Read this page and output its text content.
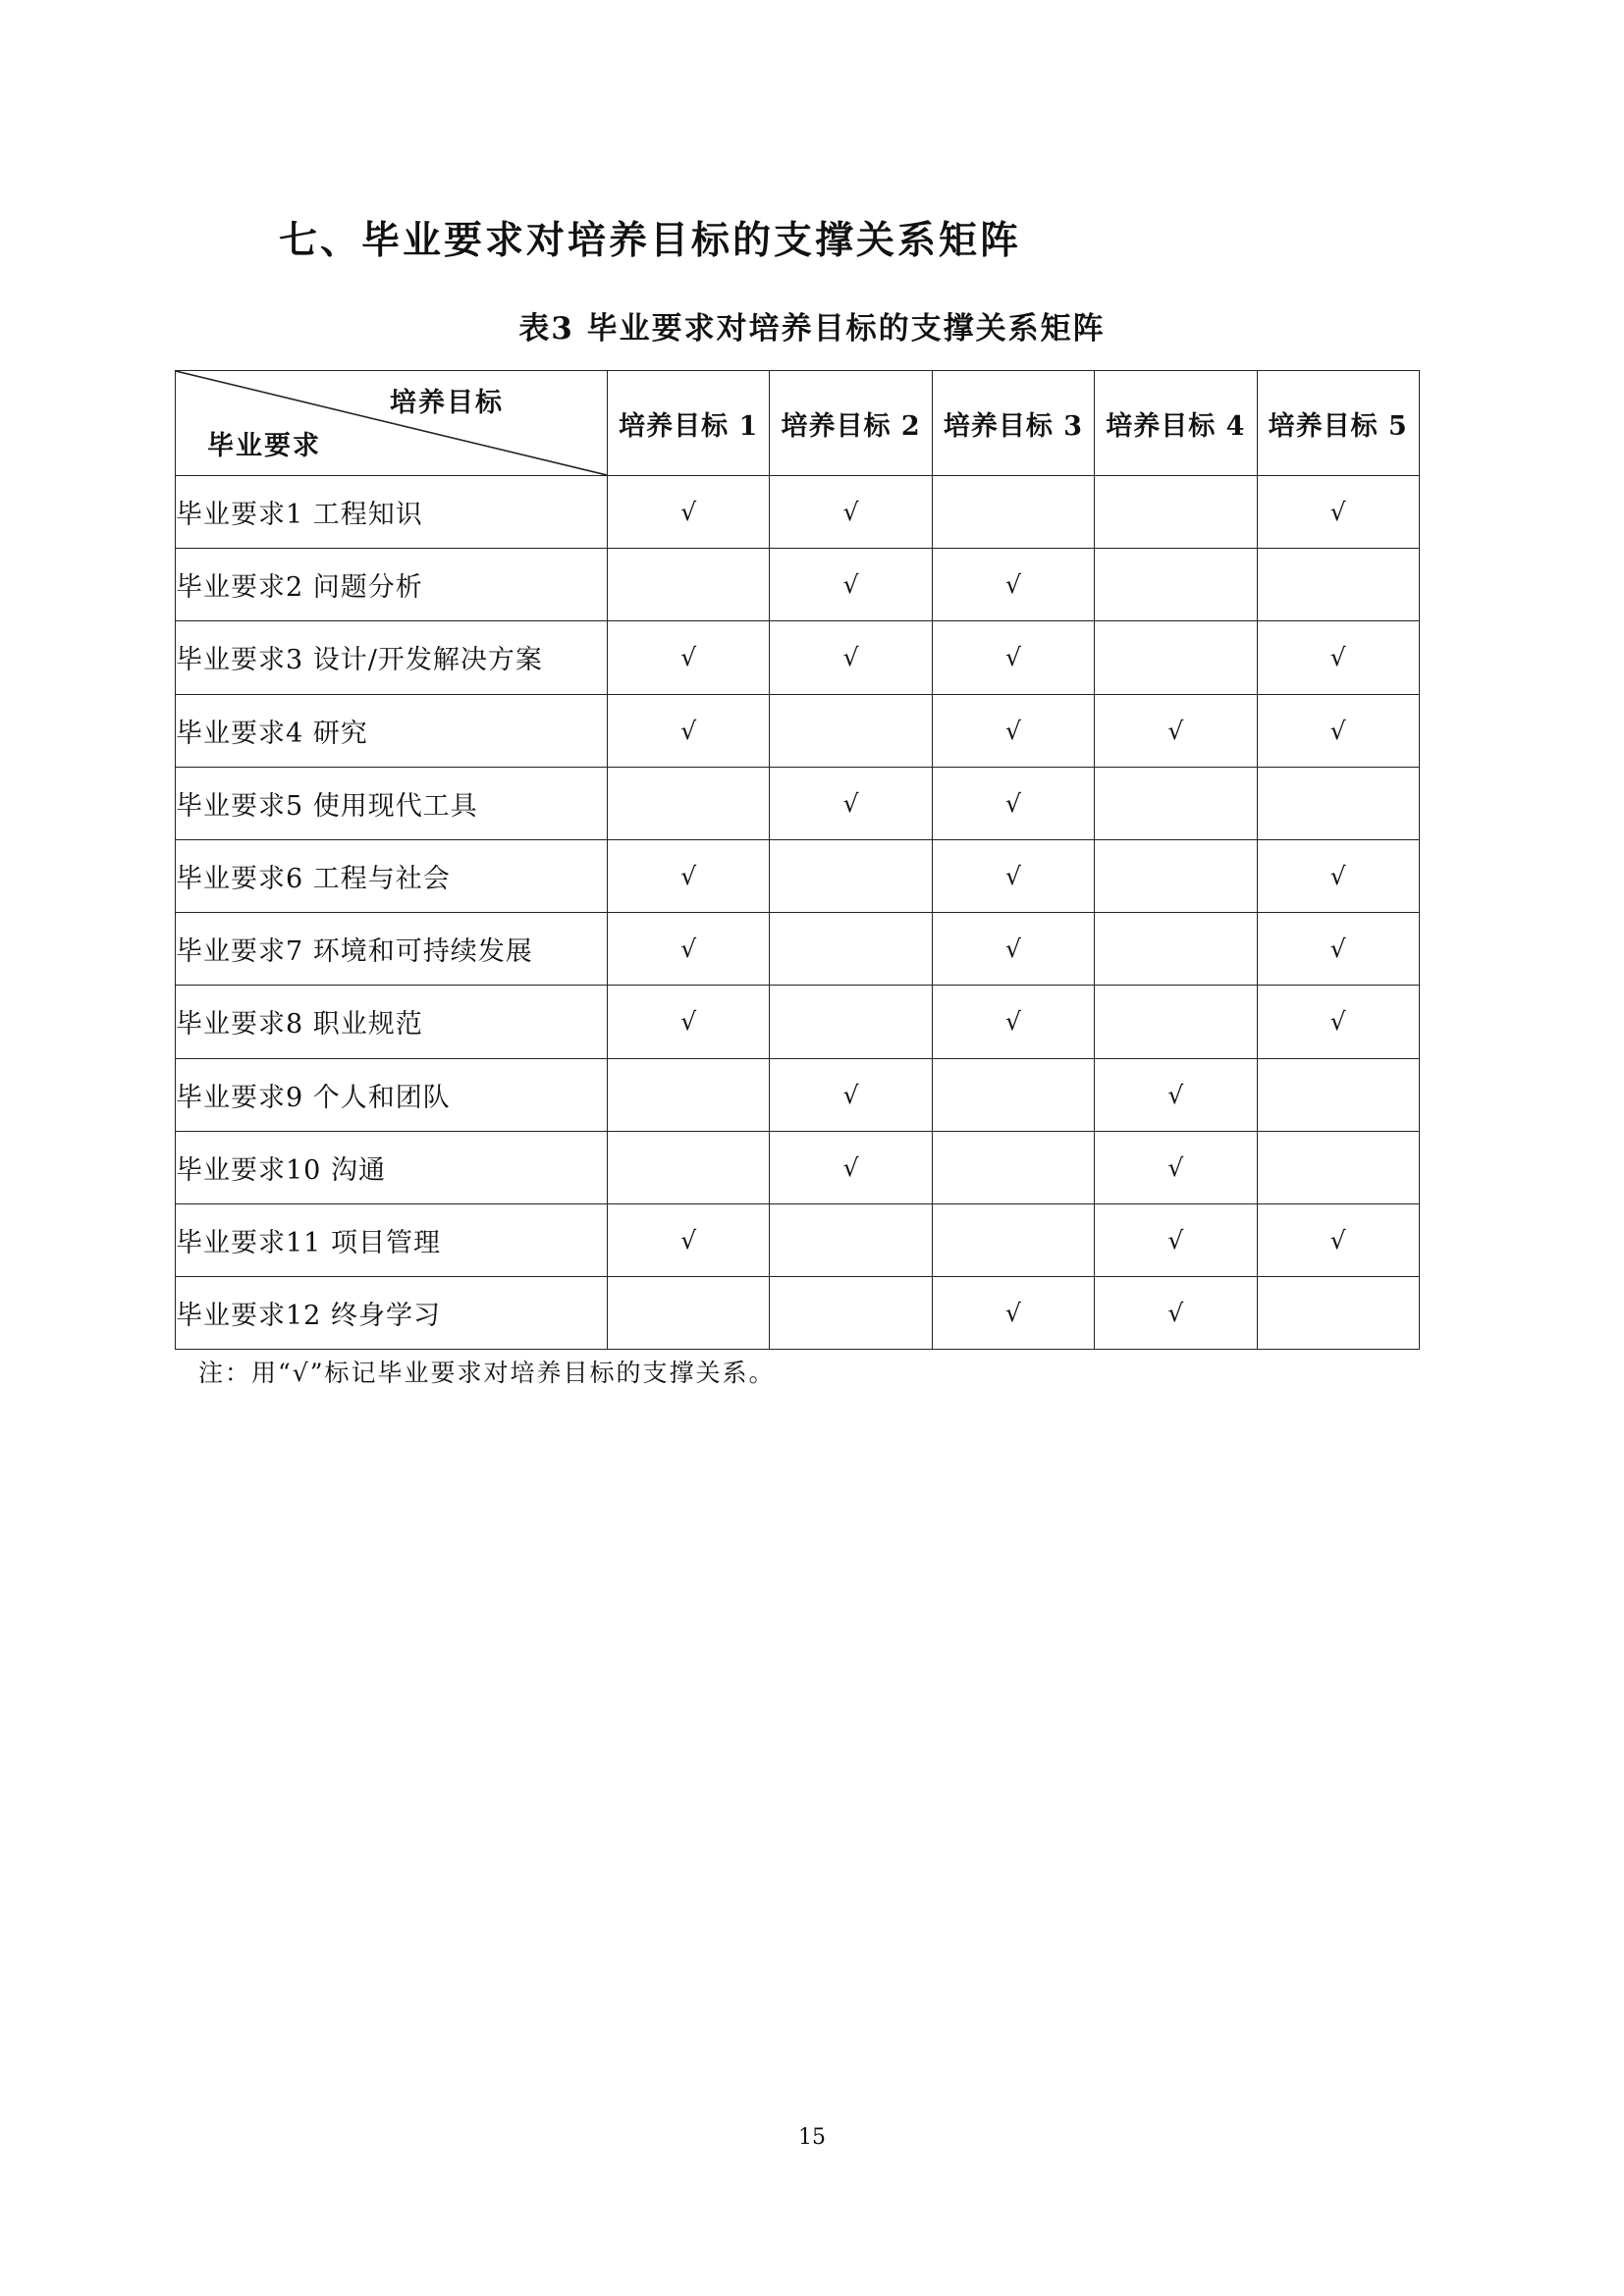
七、毕业要求对培养目标的支撑关系矩阵
表3 毕业要求对培养目标的支撑关系矩阵
培养目标
毕业要求	培养目标 1	培养目标 2	培养目标 3	培养目标 4	培养目标 5
毕业要求1 工程知识	√	√			√
毕业要求2 问题分析		√	√		
毕业要求3 设计/开发解决方案	√	√	√		√
毕业要求4 研究	√		√	√	√
毕业要求5 使用现代工具		√	√		
毕业要求6 工程与社会	√		√		√
毕业要求7 环境和可持续发展	√		√		√
毕业要求8 职业规范	√		√		√
毕业要求9 个人和团队		√		√	
毕业要求10 沟通		√		√	
毕业要求11 项目管理	√			√	√
毕业要求12 终身学习			√	√	

注：用“√”标记毕业要求对培养目标的支撑关系。

15
